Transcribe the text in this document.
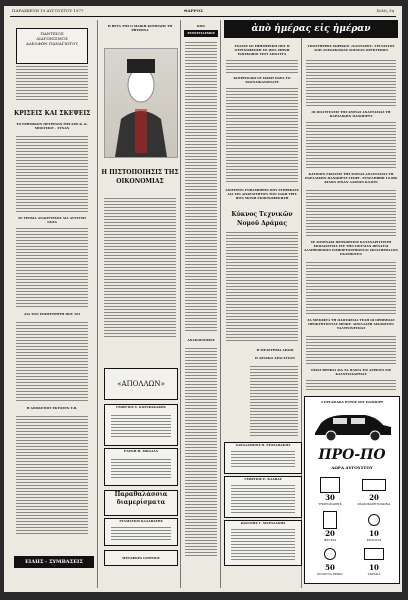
ΠΑΡΑΣΚΕΥΗ 19 ΑΥΓΟΥΣΤΟΥ 1977	ΘΑΡΡΟΣ	Σελίς 3η
ΠΑΝΤΕΙΟΣ
ΔΙΑΓΩΝΙΣΜΟΣ
ΑΔΕΛΦΩΝ ΠΑΝΑΓΙΩΤΟΥ
ΚΡΙΣΕΙΣ ΚΑΙ ΣΚΕΨΕΙΣ
ΤΟ ΕΡΗΜΙΚΟΝ ΠΕΤΡΙΝΟΝ ΜΕΓΑΡΟ Κ. Κ. ΜΠΟΥΣΙΟΥ - ΣΥΝΑΝ
ΣΕ ΤΡΟΧΙΑ ΑΝΑΠΤΥΞΕΩΣ ΔΙΑ ΔΥΣΤΥΧΗ ΝΟΣΑ
ΔΙΑ ΤΟΝ ΕΠΙΜΕΤΡΗΤΗ ΠΟΥ ΛΕΙ
Η ΑΠΟΚΕΣΙΟΥ ΕΚΤΟΣΕΝ Ε.Β.
ΕΙΔΗΣ - ΣΥΜΒΑΣΕΙΣ
Η ΒΕΥΑ ΤΗΣ Ο ΜΑΙΚΗ ΚΟΥΒΙΔΗΣ ΤΗ ΡΗΤΖΩΝΑ
Η ΠΙΣΤΟΠΟΙΗΣΙΣ ΤΗΣ ΟΙΚΟΝΟΜΙΑΣ
«ΑΠΟΛΛΩΝ»
ΓΕΩΡΓΙΟΣ Σ. ΚΟΣΥΦΑΚΑΚΗΣ
ΕΛΕΝΗ Η. ΜΠΑΛΛΑ
Παραθαλάσσια διαμερίσματα
ΣΤΑΜΑΤΙΟΣ ΚΑΛΑΦΑΤΗΣ
ΜΕΤΑΦΟΡΑ ΙΑΤΡΕΙΟΥ
ΚΩΝ
ΣΥΝΕΣΤΙΑΣΜΟΣ
ΑΝΑΚΟΙΝΩΣΕΙΣ
ἀπὸ ἡμέρας εἰς ἡμέραν
ΣΧΑΣΣΕ ΣΟ ΕΦΗΜΕΡΙΚΗ ΠΟΥ Η ΟΤΡΥΝΟΦΕΩΣΗ ΣΟ ΙΕΡΑ ΜΗΝΗ ΕΠΙΣΚΟΠΟΙ ΣΕΣΤ ΑΠΟΛΥΤΑ
ΚΟΥΡΗΛΙΑΙΩ ΟΥ ΙΚΙΚΗ ΠΑΡΑ ΤΟ ΣΚΟΝΔΙΚΑΝΟΝΑΤΕ
ΔΙΟΤΕΡΟΝ ΕΝΘΑΜΗΡΗΝ ΠΟΥ ΕΤΗΡΙΦΑΕΣ ΔΙΑ ΣΙΝ ΑΠΑΡΑΙΤΗΤΟΝ ΤΟΝ ΣΑΚΗ ΤΡΙΣ ΙΕΡΑ ΜΟΝΗ ΕΚΠΟΝΟΦΕΚΗΣΗ
Κύκνος Τεχνικῶν Νομοῦ Δράμας
Η ΜΕΛΕΤΗΜΑ ΑΡΑΠΙ
Η ΑΡΑΣΚΟ ΑΡΑΓΑΤΣΑΝ
ΧΑΡΑΛΑΜΠΟΣ Θ. ΣΤΟΣΑΠΑΚΗΣ
ΓΕΩΡΓΙΟΣ Ε. ΚΛΑΦΑΣ
ΙΩΑΝΝΗΣ Γ. ΜΑΡΑΛΑΚΗΣ
ΥΠΟΣΤΗΡΙΞΙΣ ΧΩΡΙΚΩΝ «ΚΑΝΤΑΡΟΥ» ΥΕΓΝΙΑΤΟΣ ΛΟΗ ΑΝΕΚΣΚΟΣΙΑΣ ΣΟΙΝΙΟΝ ΟΡΥΚΤΕΙΙΩΝ
ΟΙ ΠΟΛΥΤΕΛΕΙΣ ΤΗΣ ΚΥΡΙΑΣ ΑΝΑΣΤΑΣΙΑΣ ΤΗ ΠΑΡΑΛΙΚΗΝ ΠΑΝΩΠΕΥΣ
ΚΑΤΟΠΙΝ ΕΚΠΛΕΙΣ ΤΗΣ ΚΥΡΙΑΣ ΑΝΑΣΤΑΣΙΑΣ ΤΗ ΠΑΡΑΛΙΚΗΝ ΠΑΝΩΠΕΥΣ ΓΕΩΡΓ. ΣΥΝΕΛΗΦΘΗ 10.000 ΚΙΛΩΝ ΣΙΝΑΝ ΛΑΣΕΩΝ ΚΑΛΩΝ
ΣΕ ΣΟΥΡΝΑΚΙ ΠΡΟΧΩΡΕΙΝΣ ΚΑΤΑΝΑΡΓΙΤΙΣΤΗ ΕΚΠΑΙΔΕΥΣΙΣ ΣΤΕ ΤΗΝ ΠΟΥΛΙΑΝ ΘΕΝΑΤΑΙ ΑΛΛΗΡΟΠΟΙΩΝ ΕΙΣΦΟΡΤΟΥΡΠΩΝΥΑΙ ΣΚΙΛΛΗΡΟΛΓΟΝ ΕΚΛΕΘΟΥΕΝ
ΣΑ ΜΕΣΟΦΥΛ ΤΗ ΠΑΙΓΙΩΡΑΙΑ ΤΕΛΗ ΟΙ ΟΡΙΘΜΟΔΕ ΠΡΟΚΥΠΤΟΝΤΑΣ ΜΕΙΚΡ. ΑΠΟΛΛΑΞΗ ΔΙΚΑΙΩΤΟΝ ΤΑΛΤΕΟΝΤΙΣΙΑΣ
ΟΜΑΣ ΘΡΕΦΑΙ ΔΙΑ ΤΑ ΠΛΟΙΑ ΤΙΣ ΑΕΡΙΟΥΣ ΕΙΣ ΚΑΛΝΤΙΑΧΑΡΕΙΑΣ
2 ΕΡΓΑΣΙΑΚΑ ΕΝΤΟΣ ΣΟΥ ΠΑΣΠΟΡΤ
ΠΡΟ-ΠΟ
ΔΩΡΑ ΑΥΓΟΥΣΤΟΥ
30
ΤΗΛΕΟΡΑΣΕΙΣ
20
ΡΑΔΙΟΚΑΣΕΤΟΦΩΝΑ
20
ΨΥΓΕΙΑ
10
ΡΟΛΟΓΙΑ
50
ΡΟΛΟΓΙΑ SEIKO
10
ΤΑΞΙΔΙΑ
